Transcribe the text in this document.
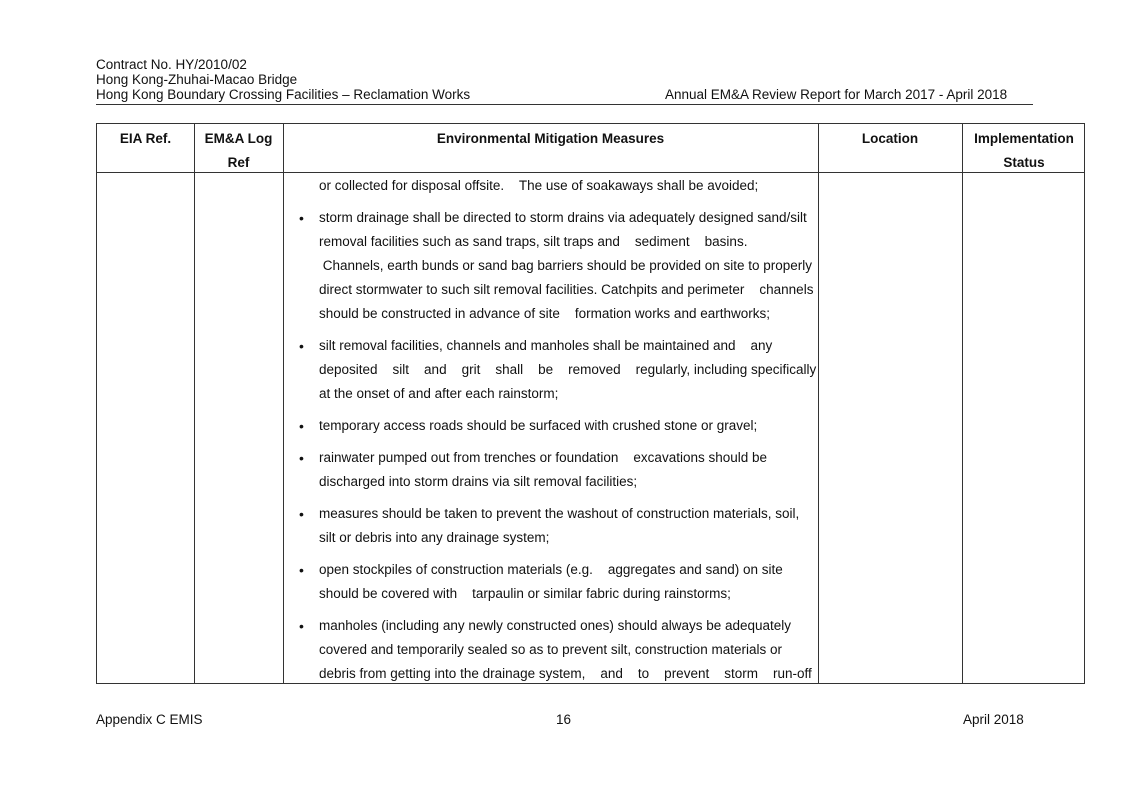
Contract No. HY/2010/02
Hong Kong-Zhuhai-Macao Bridge
Hong Kong Boundary Crossing Facilities – Reclamation Works	Annual EM&A Review Report for March 2017 - April 2018
EIA Ref.	EM&A Log
Ref
Environmental Mitigation Measures	Location	Implementation
Status
or collected for disposal offsite.    The use of soakaways shall be avoided;
• storm drainage shall be directed to storm drains via adequately designed sand/silt
removal facilities such as sand traps, silt traps and    sediment    basins.
Channels, earth bunds or sand bag barriers should be provided on site to properly
direct stormwater to such silt removal facilities. Catchpits and perimeter    channels
should be constructed in advance of site    formation works and earthworks;
• silt removal facilities, channels and manholes shall be maintained and    any
deposited    silt    and    grit    shall    be    removed    regularly, including specifically
at the onset of and after each rainstorm;
• temporary access roads should be surfaced with crushed stone or gravel;
• rainwater pumped out from trenches or foundation    excavations should be
discharged into storm drains via silt removal facilities;
• measures should be taken to prevent the washout of construction materials, soil,
silt or debris into any drainage system;
• open stockpiles of construction materials (e.g.    aggregates and sand) on site
should be covered with    tarpaulin or similar fabric during rainstorms;
• manholes (including any newly constructed ones) should always be adequately
covered and temporarily sealed so as to prevent silt, construction materials or
debris from getting into the drainage system,    and    to    prevent    storm    run-off
Appendix C EMIS	16	April 2018
